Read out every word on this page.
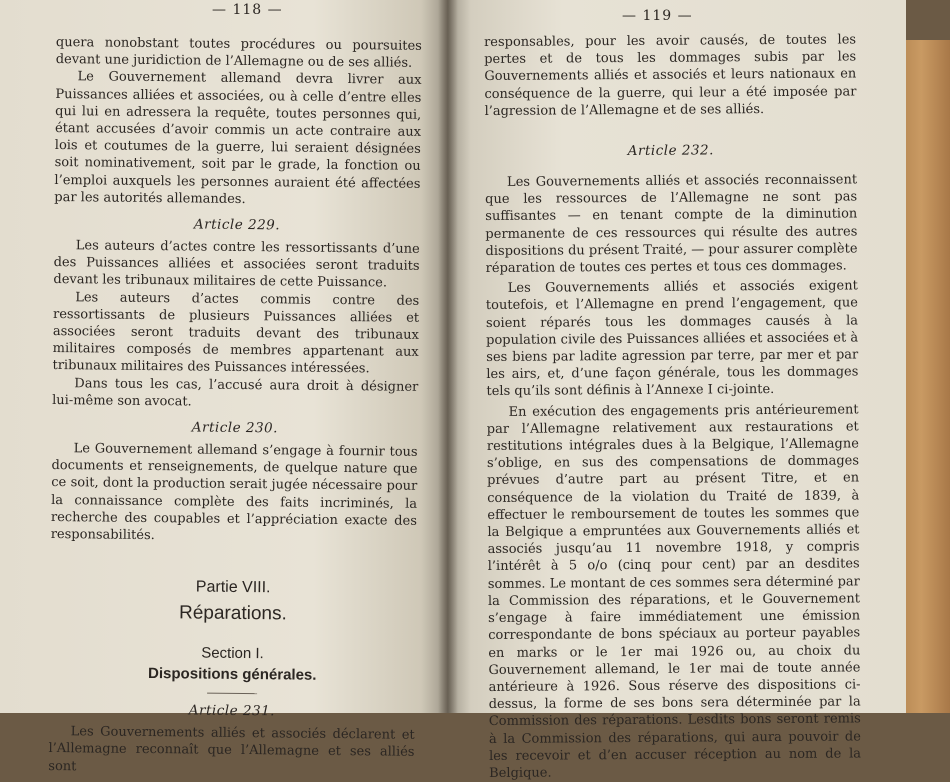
— 118 —

quera nonobstant toutes procédures ou poursuites devant une juridiction de l’Allemagne ou de ses alliés.

Le Gouvernement allemand devra livrer aux Puissances alliées et associées, ou à celle d’entre elles qui lui en adressera la requête, toutes personnes qui, étant accusées d’avoir commis un acte contraire aux lois et coutumes de la guerre, lui seraient désignées soit nominativement, soit par le grade, la fonction ou l’emploi auxquels les personnes auraient été affectées par les autorités allemandes.

Article 229.

Les auteurs d’actes contre les ressortissants d’une des Puissances alliées et associées seront traduits devant les tribunaux militaires de cette Puissance.

Les auteurs d’actes commis contre des ressortissants de plusieurs Puissances alliées et associées seront traduits devant des tribunaux militaires composés de membres appartenant aux tribunaux militaires des Puissances intéressées.

Dans tous les cas, l’accusé aura droit à désigner lui-même son avocat.

Article 230.

Le Gouvernement allemand s’engage à fournir tous documents et renseignements, de quelque nature que ce soit, dont la production serait jugée nécessaire pour la connaissance complète des faits incriminés, la recherche des coupables et l’appréciation exacte des responsabilités.

Partie VIII.
Réparations.
Section I.
Dispositions générales.
Article 231.

Les Gouvernements alliés et associés déclarent et l’Allemagne reconnaît que l’Allemagne et ses alliés sont

— 119 —

responsables, pour les avoir causés, de toutes les pertes et de tous les dommages subis par les Gouvernements alliés et associés et leurs nationaux en conséquence de la guerre, qui leur a été imposée par l’agression de l’Allemagne et de ses alliés.

Article 232.

Les Gouvernements alliés et associés reconnaissent que les ressources de l’Allemagne ne sont pas suffisantes — en tenant compte de la diminution permanente de ces ressources qui résulte des autres dispositions du présent Traité, — pour assurer complète réparation de toutes ces pertes et tous ces dommages.

Les Gouvernements alliés et associés exigent toutefois, et l’Allemagne en prend l’engagement, que soient réparés tous les dommages causés à la population civile des Puissances alliées et associées et à ses biens par ladite agression par terre, par mer et par les airs, et, d’une façon générale, tous les dommages tels qu’ils sont définis à l’Annexe I ci-jointe.

En exécution des engagements pris antérieurement par l’Allemagne relativement aux restaurations et restitutions intégrales dues à la Belgique, l’Allemagne s’oblige, en sus des compensations de dommages prévues d’autre part au présent Titre, et en conséquence de la violation du Traité de 1839, à effectuer le remboursement de toutes les sommes que la Belgique a empruntées aux Gouvernements alliés et associés jusqu’au 11 novembre 1918, y compris l’intérêt à 5 o/o (cinq pour cent) par an desdites sommes. Le montant de ces sommes sera déterminé par la Commission des réparations, et le Gouvernement s’engage à faire immédiatement une émission correspondante de bons spéciaux au porteur payables en marks or le 1er mai 1926 ou, au choix du Gouvernement allemand, le 1er mai de toute année antérieure à 1926. Sous réserve des dispositions ci-dessus, la forme de ses bons sera déterminée par la Commission des réparations. Lesdits bons seront remis à la Commission des réparations, qui aura pouvoir de les recevoir et d’en accuser réception au nom de la Belgique.
